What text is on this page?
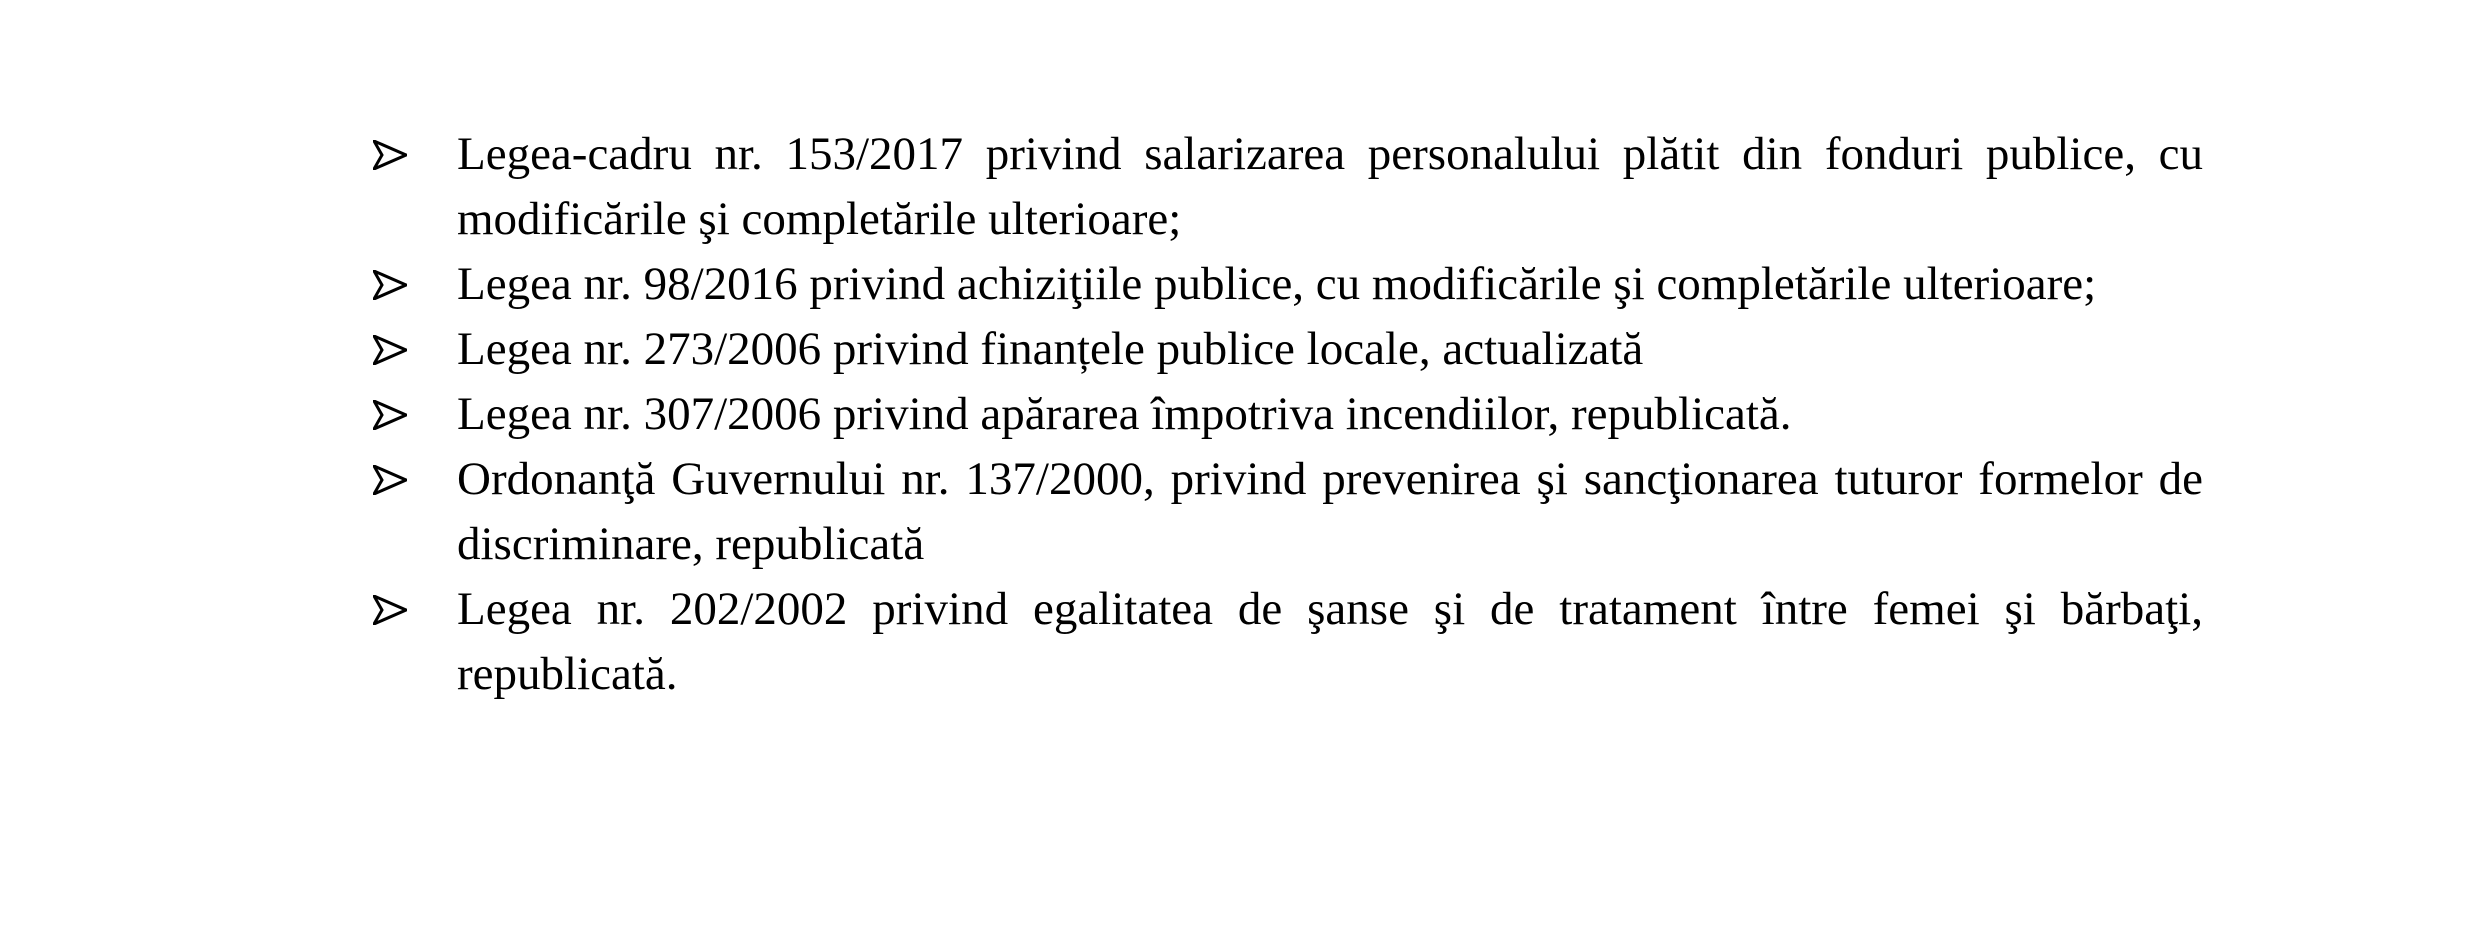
Legea-cadru nr. 153/2017 privind salarizarea personalului plătit din fonduri publice, cu modificările şi completările ulterioare;
Legea nr. 98/2016 privind achiziţiile publice, cu modificările şi completările ulterioare;
Legea nr. 273/2006 privind finanțele publice locale, actualizată
Legea nr. 307/2006 privind apărarea împotriva incendiilor, republicată.
Ordonanţă Guvernului nr. 137/2000, privind prevenirea şi sancţionarea tuturor formelor de discriminare, republicată
Legea nr. 202/2002 privind egalitatea de şanse şi de tratament între femei şi bărbaţi, republicată.
